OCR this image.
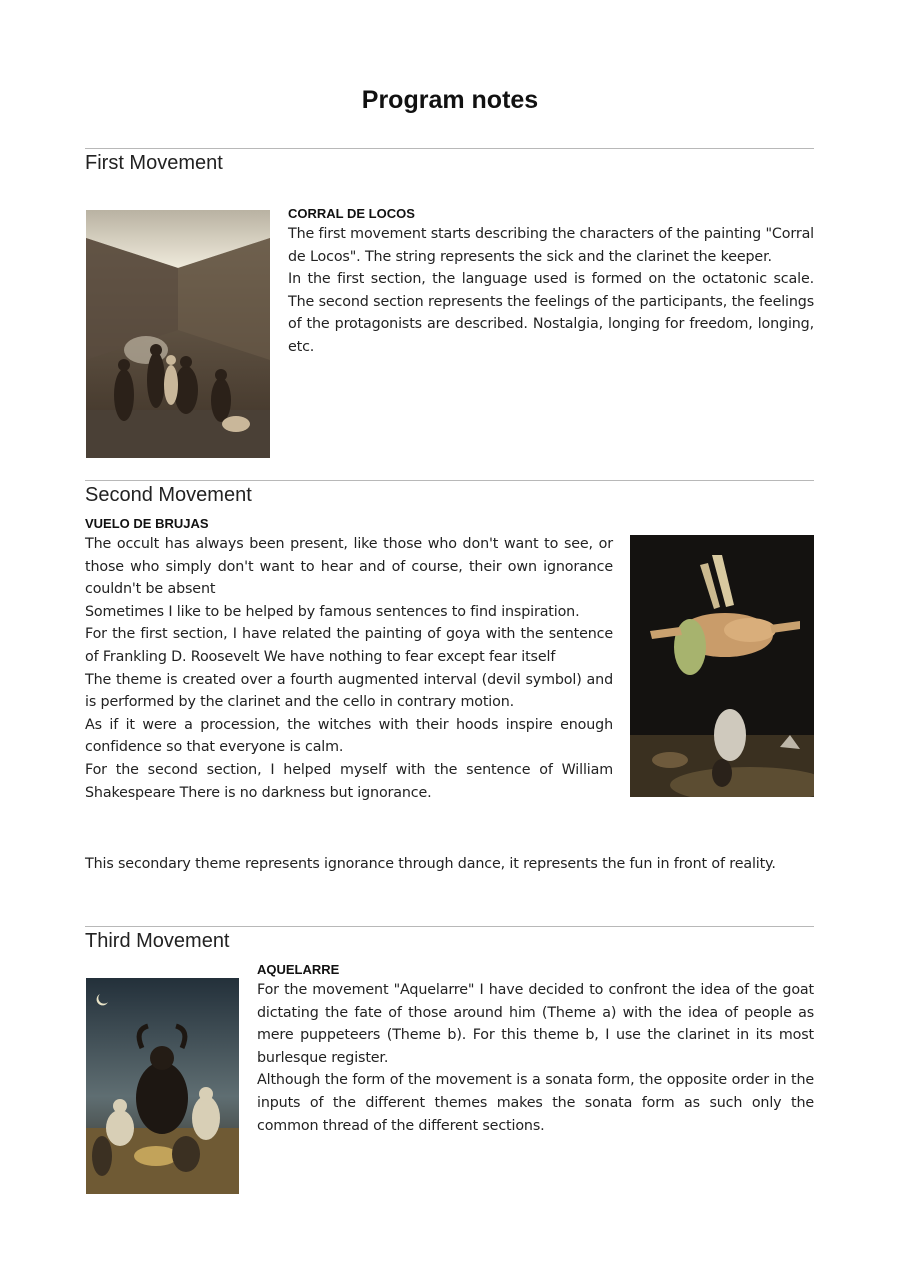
Program notes
First Movement
CORRAL DE LOCOS

The first movement starts describing the characters of the painting "Corral de Locos". The string represents the sick and the clarinet the keeper.

In the first section, the language used is formed on the octatonic scale. The second section represents the feelings of the participants, the feelings of the protagonists are described. Nostalgia, longing for freedom, longing, etc.

Second Movement
VUELO DE BRUJAS

The occult has always been present, like those who don't want to see, or those who simply don't want to hear and of course, their own ignorance couldn't be absent

Sometimes I like to be helped by famous sentences to find inspiration.

For the first section, I have related the painting of goya with the sentence of Frankling D. Roosevelt We have nothing to fear except fear itself

The theme is created over a fourth augmented interval (devil symbol) and is performed by the clarinet and the cello in contrary motion.

As if it were a procession, the witches with their hoods inspire enough confidence so that everyone is calm.

For the second section, I helped myself with the sentence of William Shakespeare There is no darkness but ignorance.

This secondary theme represents ignorance through dance, it represents the fun in front of reality.

Third Movement
AQUELARRE

For the movement "Aquelarre" I have decided to confront the idea of the goat dictating the fate of those around him (Theme a) with the idea of people as mere puppeteers (Theme b). For this theme b, I use the clarinet in its most burlesque register.

Although the form of the movement is a sonata form, the opposite order in the inputs of the different themes makes the sonata form as such only the common thread of the different sections.
